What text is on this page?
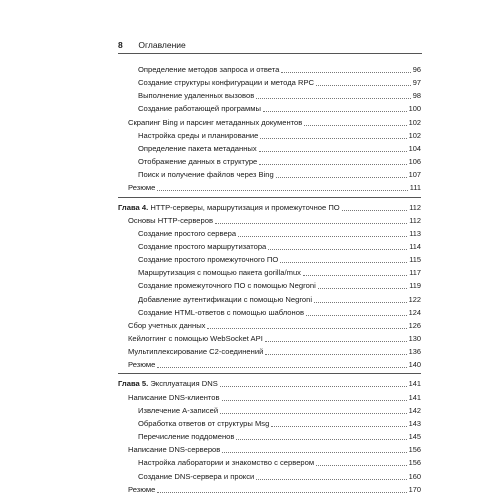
8 Оглавление
Определение методов запроса и ответа	96
Создание структуры конфигурации и метода RPC	97
Выполнение удаленных вызовов	98
Создание работающей программы	100
Скрапинг Bing и парсинг метаданных документов	102
Настройка среды и планирование	102
Определение пакета метаданных	104
Отображение данных в структуре	106
Поиск и получение файлов через Bing	107
Резюме	111
Глава 4. HTTP-серверы, маршрутизация и промежуточное ПО	112
Основы HTTP-серверов	112
Создание простого сервера	113
Создание простого маршрутизатора	114
Создание простого промежуточного ПО	115
Маршрутизация с помощью пакета gorilla/mux	117
Создание промежуточного ПО с помощью Negroni	119
Добавление аутентификации с помощью Negroni	122
Создание HTML-ответов с помощью шаблонов	124
Сбор учетных данных	126
Кейлоггинг с помощью WebSocket API	130
Мультиплексирование C2-соединений	136
Резюме	140
Глава 5. Эксплуатация DNS	141
Написание DNS-клиентов	141
Извлечение A-записей	142
Обработка ответов от структуры Msg	143
Перечисление поддоменов	145
Написание DNS-серверов	156
Настройка лаборатории и знакомство с сервером	156
Создание DNS-сервера и прокси	160
Резюме	170
